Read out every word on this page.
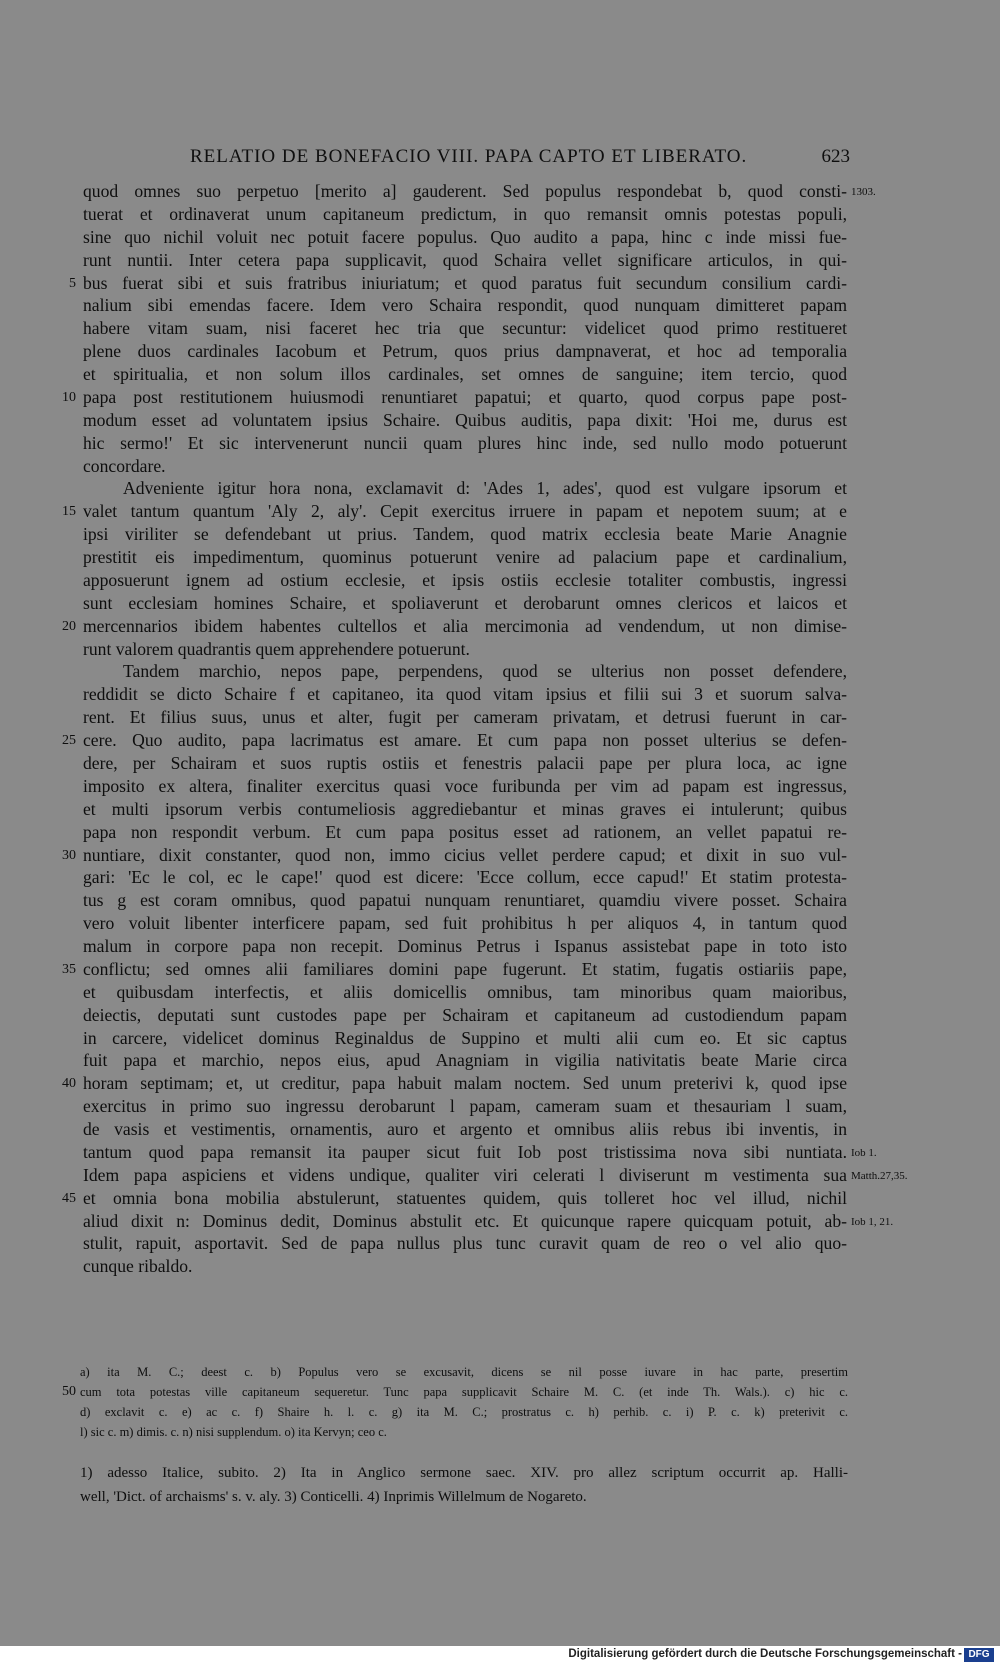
RELATIO DE BONEFACIO VIII. PAPA CAPTO ET LIBERATO.	623
quod omnes suo perpetuo [merito a] gauderent. Sed populus respondebat b, quod consti-
tuerat et ordinaverat unum capitaneum predictum, in quo remansit omnis potestas populi,
sine quo nichil voluit nec potuit facere populus. Quo audito a papa, hinc c inde missi fue-
runt nuntii. Inter cetera papa supplicavit, quod Schaira vellet significare articulos, in qui-
bus fuerat sibi et suis fratribus iniuriatum; et quod paratus fuit secundum consilium cardi-
nalium sibi emendas facere. Idem vero Schaira respondit, quod nunquam dimitteret papam
habere vitam suam, nisi faceret hec tria que secuntur: videlicet quod primo restitueret
plene duos cardinales Iacobum et Petrum, quos prius dampnaverat, et hoc ad temporalia
et spiritualia, et non solum illos cardinales, set omnes de sanguine; item tercio, quod
papa post restitutionem huiusmodi renuntiaret papatui; et quarto, quod corpus pape post-
modum esset ad voluntatem ipsius Schaire. Quibus auditis, papa dixit: 'Hoi me, durus est
hic sermo!' Et sic intervenerunt nuncii quam plures hinc inde, sed nullo modo potuerunt
concordare.
Adveniente igitur hora nona, exclamavit d: 'Ades 1, ades', quod est vulgare ipsorum et
valet tantum quantum 'Aly 2, aly'. Cepit exercitus irruere in papam et nepotem suum; at e
ipsi viriliter se defendebant ut prius. Tandem, quod matrix ecclesia beate Marie Anagnie
prestitit eis impedimentum, quominus potuerunt venire ad palacium pape et cardinalium,
apposuerunt ignem ad ostium ecclesie, et ipsis ostiis ecclesie totaliter combustis, ingressi
sunt ecclesiam homines Schaire, et spoliaverunt et derobarunt omnes clericos et laicos et
mercennarios ibidem habentes cultellos et alia mercimonia ad vendendum, ut non dimise-
runt valorem quadrantis quem apprehendere potuerunt.
Tandem marchio, nepos pape, perpendens, quod se ulterius non posset defendere,
reddidit se dicto Schaire f et capitaneo, ita quod vitam ipsius et filii sui 3 et suorum salva-
rent. Et filius suus, unus et alter, fugit per cameram privatam, et detrusi fuerunt in car-
cere. Quo audito, papa lacrimatus est amare. Et cum papa non posset ulterius se defen-
dere, per Schairam et suos ruptis ostiis et fenestris palacii pape per plura loca, ac igne
imposito ex altera, finaliter exercitus quasi voce furibunda per vim ad papam est ingressus,
et multi ipsorum verbis contumeliosis aggrediebantur et minas graves ei intulerunt; quibus
papa non respondit verbum. Et cum papa positus esset ad rationem, an vellet papatui re-
nuntiare, dixit constanter, quod non, immo cicius vellet perdere capud; et dixit in suo vul-
gari: 'Ec le col, ec le cape!' quod est dicere: 'Ecce collum, ecce capud!' Et statim protesta-
tus g est coram omnibus, quod papatui nunquam renuntiaret, quamdiu vivere posset. Schaira
vero voluit libenter interficere papam, sed fuit prohibitus h per aliquos 4, in tantum quod
malum in corpore papa non recepit. Dominus Petrus i Ispanus assistebat pape in toto isto
conflictu; sed omnes alii familiares domini pape fugerunt. Et statim, fugatis ostiariis pape,
et quibusdam interfectis, et aliis domicellis omnibus, tam minoribus quam maioribus,
deiectis, deputati sunt custodes pape per Schairam et capitaneum ad custodiendum papam
in carcere, videlicet dominus Reginaldus de Suppino et multi alii cum eo. Et sic captus
fuit papa et marchio, nepos eius, apud Anagniam in vigilia nativitatis beate Marie circa
horam septimam; et, ut creditur, papa habuit malam noctem. Sed unum preterivi k, quod ipse
exercitus in primo suo ingressu derobarunt l papam, cameram suam et thesauriam l suam,
de vasis et vestimentis, ornamentis, auro et argento et omnibus aliis rebus ibi inventis, in
tantum quod papa remansit ita pauper sicut fuit Iob post tristissima nova sibi nuntiata.
Idem papa aspiciens et videns undique, qualiter viri celerati l diviserunt m vestimenta sua
et omnia bona mobilia abstulerunt, statuentes quidem, quis tolleret hoc vel illud, nichil
aliud dixit n: Dominus dedit, Dominus abstulit etc. Et quicunque rapere quicquam potuit, ab-
stulit, rapuit, asportavit. Sed de papa nullus plus tunc curavit quam de reo o vel alio quo-
cunque ribaldo.
5
10
15
20
25
30
35
40
45
1303.
Iob 1.
Matth.27,35.
Iob 1, 21.
a) ita M. C.; deest c. b) Populus vero se excusavit, dicens se nil posse iuvare in hac parte, presertim
cum tota potestas ville capitaneum sequeretur. Tunc papa supplicavit Schaire M. C. (et inde Th. Wals.). c) hic c.
d) exclavit c. e) ac c. f) Shaire h. l. c. g) ita M. C.; prostratus c. h) perhib. c. i) P. c. k) preterivit c.
l) sic c. m) dimis. c. n) nisi supplendum. o) ita Kervyn; ceo c.
50
1) adesso Italice, subito. 2) Ita in Anglico sermone saec. XIV. pro allez scriptum occurrit ap. Halli-
well, 'Dict. of archaisms' s. v. aly. 3) Conticelli. 4) Inprimis Willelmum de Nogareto.
Digitalisierung gefördert durch die Deutsche Forschungsgemeinschaft - DFG
